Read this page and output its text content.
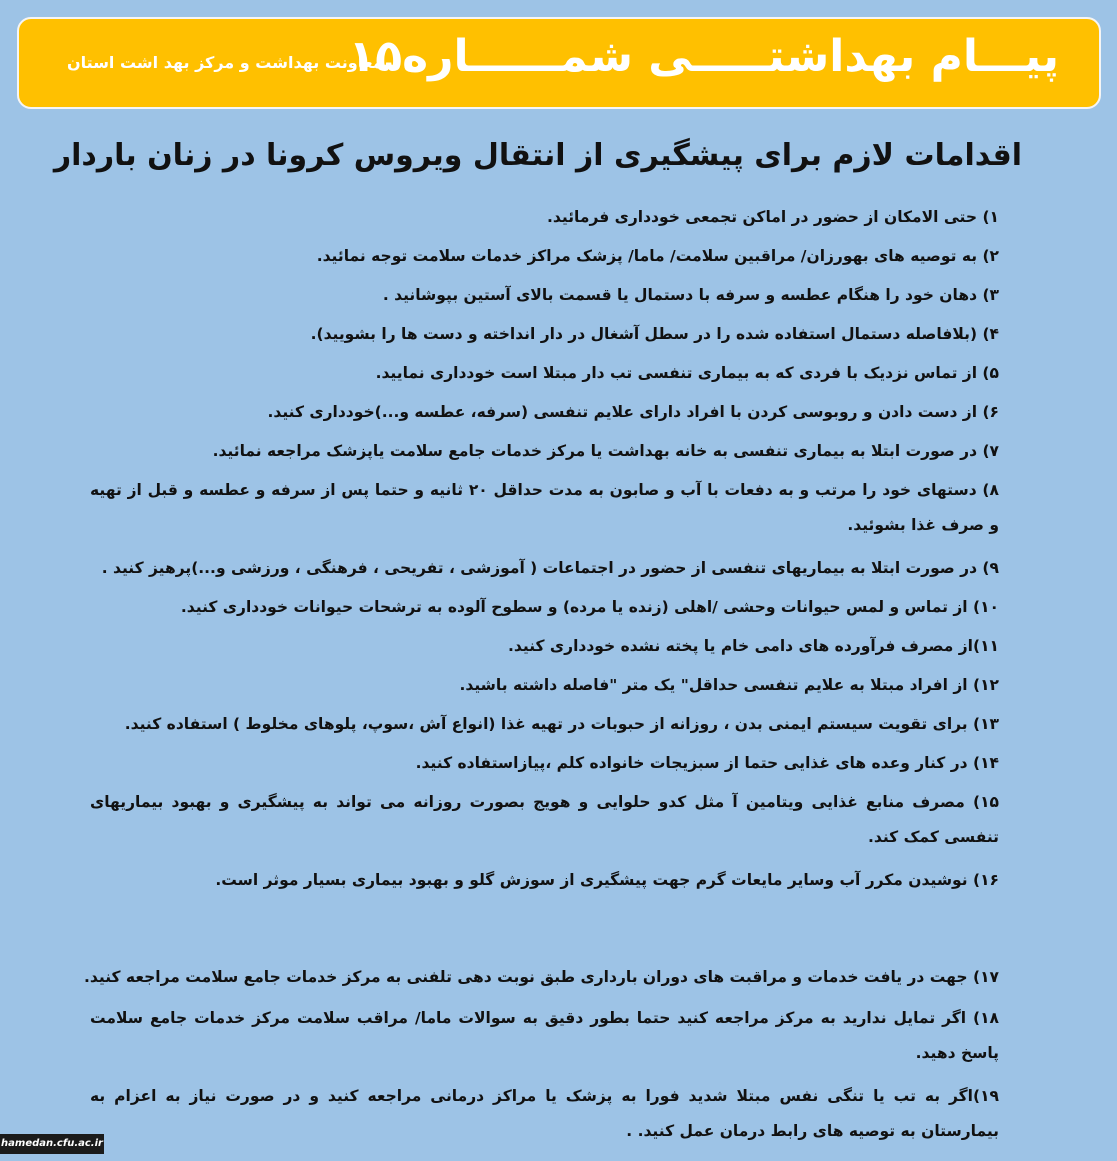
پیـــام بهداشتـــــی شمــــــاره۱۵
معاونت بهداشت و مرکز بهد اشت استان
اقدامات لازم برای پیشگیری از انتقال ویروس کرونا در زنان باردار
۱) حتی الامکان از حضور در اماکن تجمعی خودداری فرمائید.
۲) به توصیه های بهورزان/ مراقبین سلامت/ ماما/ پزشک مراکز خدمات سلامت توجه نمائید.
۳) دهان خود را هنگام عطسه و سرفه با دستمال یا قسمت بالای آستین بپوشانید .
۴) (بلافاصله دستمال استفاده شده را در سطل آشغال در دار انداخته و دست ها را بشویید).
۵) از تماس نزدیک با فردی که به بیماری تنفسی تب دار مبتلا است خودداری نمایید.
۶) از دست دادن و روبوسی کردن با افراد دارای علایم تنفسی (سرفه، عطسه و...)خودداری کنید.
۷) در صورت ابتلا به بیماری تنفسی به خانه بهداشت یا مرکز خدمات جامع سلامت یاپزشک مراجعه نمائید.
۸) دستهای خود را مرتب و به دفعات با آب و صابون به مدت حداقل ۲۰ ثانیه و حتما پس از سرفه و عطسه و قبل از تهیه و صرف غذا بشوئید.
۹) در صورت ابتلا به بیماریهای تنفسی از حضور در اجتماعات ( آموزشی ، تفریحی ، فرهنگی ، ورزشی و...)پرهیز کنید .
۱۰) از تماس و لمس حیوانات وحشی /اهلی (زنده یا مرده) و سطوح آلوده به ترشحات حیوانات خودداری کنید.
۱۱)از مصرف فرآورده های دامی خام یا پخته نشده خودداری کنید.
۱۲) از افراد مبتلا به علایم تنفسی حداقل" یک متر "فاصله داشته باشید.
۱۳) برای تقویت سیستم ایمنی بدن ، روزانه از حبوبات در تهیه غذا (انواع آش ،سوپ، پلوهای مخلوط ) استفاده کنید.
۱۴) در کنار وعده های غذایی حتما از سبزیجات خانواده کلم ،پیازاستفاده کنید.
۱۵) مصرف منابع غذایی ویتامین آ مثل کدو حلوایی و هویج بصورت روزانه می تواند به پیشگیری و بهبود بیماریهای تنفسی کمک کند.
۱۶) نوشیدن مکرر آب وسایر مایعات گرم جهت پیشگیری از سوزش گلو و بهبود بیماری بسیار موثر است.
۱۷) جهت در یافت خدمات و مراقبت های دوران بارداری طبق نوبت دهی تلفنی به مرکز خدمات جامع سلامت مراجعه کنید.
۱۸) اگر تمایل ندارید به مرکز مراجعه کنید حتما بطور دقیق به سوالات ماما/ مراقب سلامت مرکز خدمات جامع سلامت پاسخ دهید.
۱۹)اگر به تب یا تنگی نفس مبتلا شدید فورا به پزشک یا مراکز درمانی مراجعه کنید و در صورت نیاز به اعزام به بیمارستان به توصیه های رابط درمان عمل کنید. .
hamedan.cfu.ac.ir
